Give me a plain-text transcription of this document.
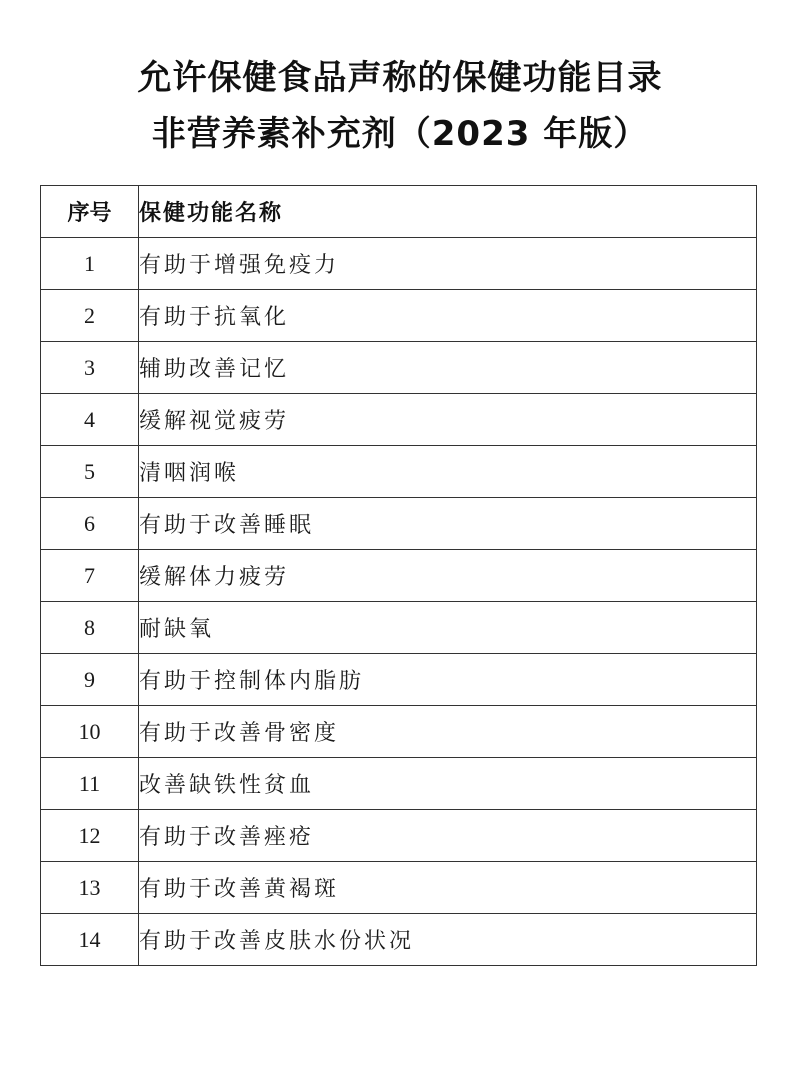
允许保健食品声称的保健功能目录
非营养素补充剂（2023 年版）
序号	保健功能名称
1	有助于增强免疫力
2	有助于抗氧化
3	辅助改善记忆
4	缓解视觉疲劳
5	清咽润喉
6	有助于改善睡眠
7	缓解体力疲劳
8	耐缺氧
9	有助于控制体内脂肪
10	有助于改善骨密度
11	改善缺铁性贫血
12	有助于改善痤疮
13	有助于改善黄褐斑
14	有助于改善皮肤水份状况
